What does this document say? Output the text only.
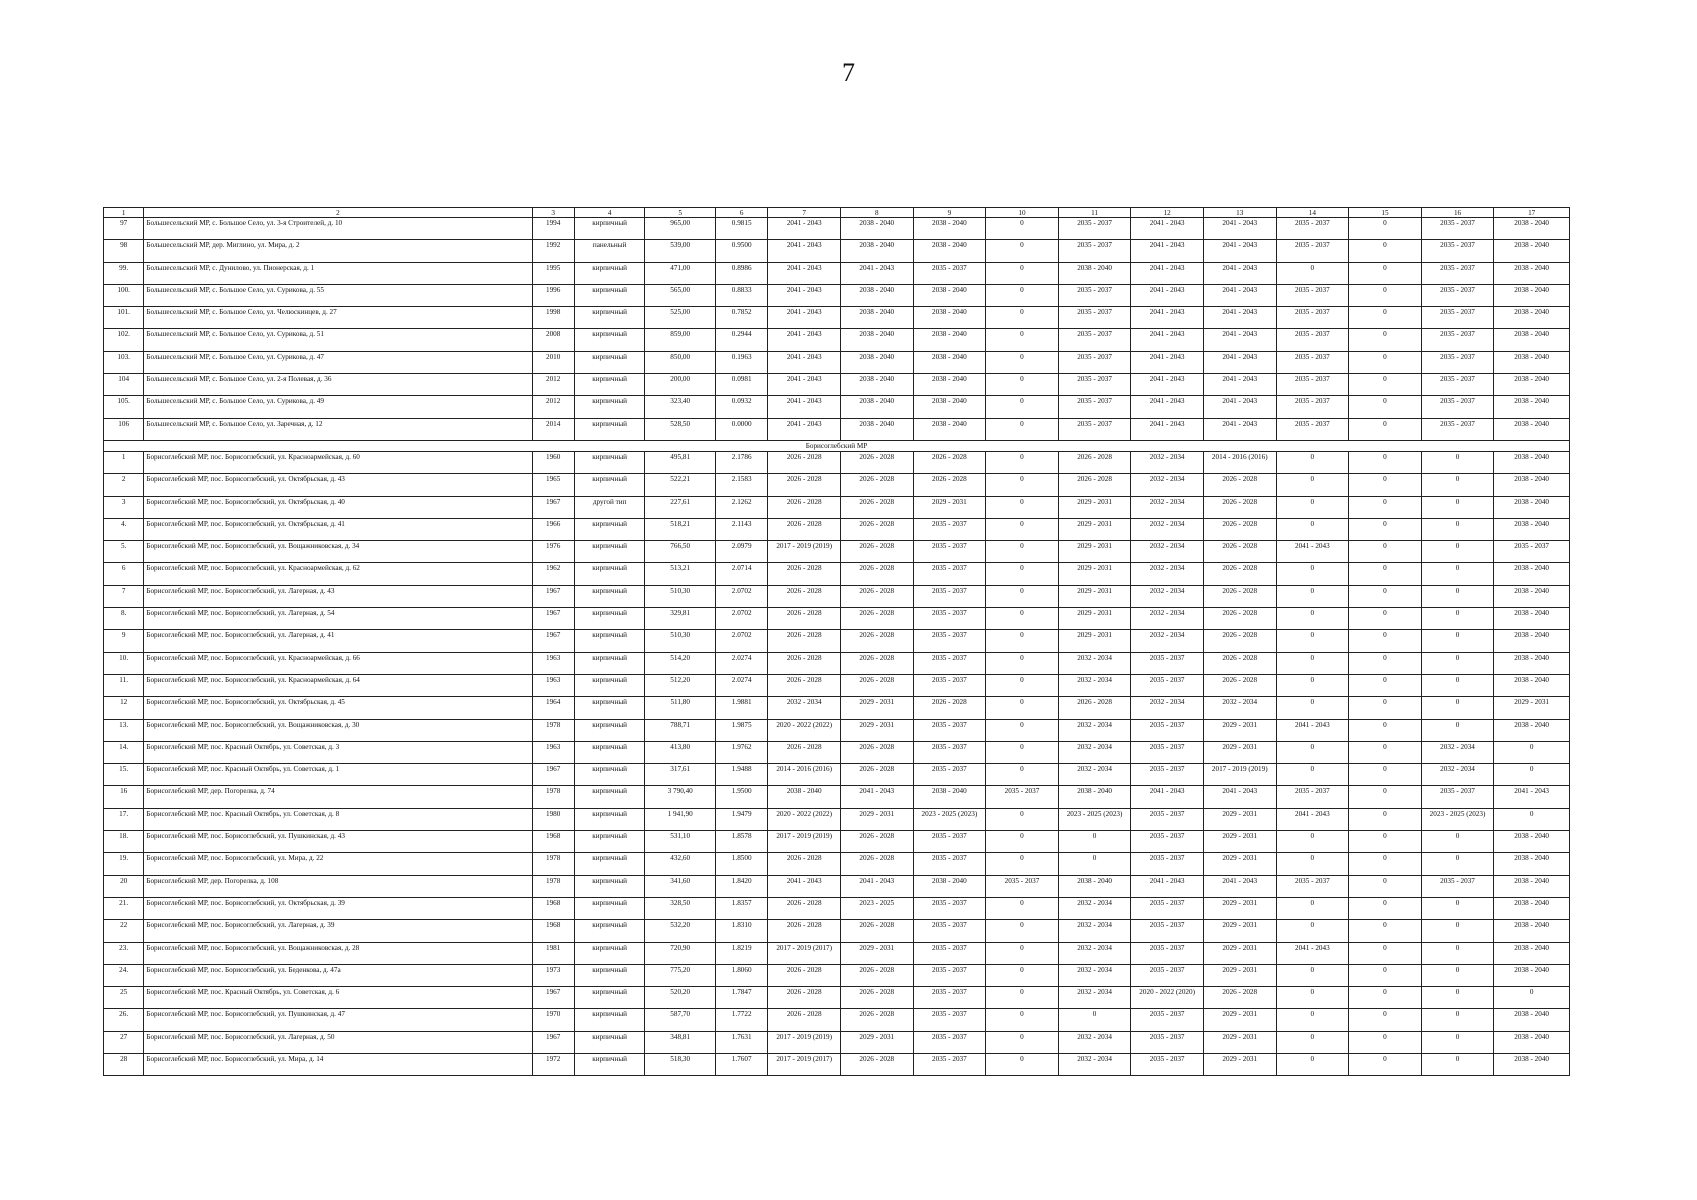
7
1	2	3	4	5	6	7	8	9	10	11	12	13	14	15	16	17
97	Большесельский МР, с. Большое Село, ул. 3-я Строителей, д. 10	1994	кирпичный	965,00	0.9815	2041 - 2043	2038 - 2040	2038 - 2040	0	2035 - 2037	2041 - 2043	2041 - 2043	2035 - 2037	0	2035 - 2037	2038 - 2040
98	Большесельский МР, дер. Миглино, ул. Мира, д. 2	1992	панельный	539,00	0.9500	2041 - 2043	2038 - 2040	2038 - 2040	0	2035 - 2037	2041 - 2043	2041 - 2043	2035 - 2037	0	2035 - 2037	2038 - 2040
99.	Большесельский МР, с. Дунилово, ул. Пионерская, д. 1	1995	кирпичный	471,00	0.8986	2041 - 2043	2041 - 2043	2035 - 2037	0	2038 - 2040	2041 - 2043	2041 - 2043	0	0	2035 - 2037	2038 - 2040
100.	Большесельский МР, с. Большое Село, ул. Сурикова, д. 55	1996	кирпичный	565,00	0.8833	2041 - 2043	2038 - 2040	2038 - 2040	0	2035 - 2037	2041 - 2043	2041 - 2043	2035 - 2037	0	2035 - 2037	2038 - 2040
101.	Большесельский МР, с. Большое Село, ул. Челюскинцев, д. 27	1998	кирпичный	525,00	0.7852	2041 - 2043	2038 - 2040	2038 - 2040	0	2035 - 2037	2041 - 2043	2041 - 2043	2035 - 2037	0	2035 - 2037	2038 - 2040
102.	Большесельский МР, с. Большое Село, ул. Сурикова, д. 51	2008	кирпичный	859,00	0.2944	2041 - 2043	2038 - 2040	2038 - 2040	0	2035 - 2037	2041 - 2043	2041 - 2043	2035 - 2037	0	2035 - 2037	2038 - 2040
103.	Большесельский МР, с. Большое Село, ул. Сурикова, д. 47	2010	кирпичный	850,00	0.1963	2041 - 2043	2038 - 2040	2038 - 2040	0	2035 - 2037	2041 - 2043	2041 - 2043	2035 - 2037	0	2035 - 2037	2038 - 2040
104	Большесельский МР, с. Большое Село, ул. 2-я Полевая, д. 36	2012	кирпичный	200,00	0.0981	2041 - 2043	2038 - 2040	2038 - 2040	0	2035 - 2037	2041 - 2043	2041 - 2043	2035 - 2037	0	2035 - 2037	2038 - 2040
105.	Большесельский МР, с. Большое Село, ул. Сурикова, д. 49	2012	кирпичный	323,40	0.0932	2041 - 2043	2038 - 2040	2038 - 2040	0	2035 - 2037	2041 - 2043	2041 - 2043	2035 - 2037	0	2035 - 2037	2038 - 2040
106	Большесельский МР, с. Большое Село, ул. Заречная, д. 12	2014	кирпичный	528,50	0.0000	2041 - 2043	2038 - 2040	2038 - 2040	0	2035 - 2037	2041 - 2043	2041 - 2043	2035 - 2037	0	2035 - 2037	2038 - 2040
Борисоглебский МР																
1	Борисоглебский МР, пос. Борисоглебский, ул. Красноармейская, д. 60	1960	кирпичный	495,81	2.1786	2026 - 2028	2026 - 2028	2026 - 2028	0	2026 - 2028	2032 - 2034	2014 - 2016 (2016)	0	0	0	2038 - 2040
2	Борисоглебский МР, пос. Борисоглебский, ул. Октябрьская, д. 43	1965	кирпичный	522,21	2.1583	2026 - 2028	2026 - 2028	2026 - 2028	0	2026 - 2028	2032 - 2034	2026 - 2028	0	0	0	2038 - 2040
3	Борисоглебский МР, пос. Борисоглебский, ул. Октябрьская, д. 40	1967	другой тип	227,61	2.1262	2026 - 2028	2026 - 2028	2029 - 2031	0	2029 - 2031	2032 - 2034	2026 - 2028	0	0	0	2038 - 2040
4.	Борисоглебский МР, пос. Борисоглебский, ул. Октябрьская, д. 41	1966	кирпичный	518,21	2.1143	2026 - 2028	2026 - 2028	2035 - 2037	0	2029 - 2031	2032 - 2034	2026 - 2028	0	0	0	2038 - 2040
5.	Борисоглебский МР, пос. Борисоглебский, ул. Вощажниковская, д. 34	1976	кирпичный	766,50	2.0979	2017 - 2019 (2019)	2026 - 2028	2035 - 2037	0	2029 - 2031	2032 - 2034	2026 - 2028	2041 - 2043	0	0	2035 - 2037
6	Борисоглебский МР, пос. Борисоглебский, ул. Красноармейская, д. 62	1962	кирпичный	513,21	2.0714	2026 - 2028	2026 - 2028	2035 - 2037	0	2029 - 2031	2032 - 2034	2026 - 2028	0	0	0	2038 - 2040
7	Борисоглебский МР, пос. Борисоглебский, ул. Лагерная, д. 43	1967	кирпичный	510,30	2.0702	2026 - 2028	2026 - 2028	2035 - 2037	0	2029 - 2031	2032 - 2034	2026 - 2028	0	0	0	2038 - 2040
8.	Борисоглебский МР, пос. Борисоглебский, ул. Лагерная, д. 54	1967	кирпичный	329,81	2.0702	2026 - 2028	2026 - 2028	2035 - 2037	0	2029 - 2031	2032 - 2034	2026 - 2028	0	0	0	2038 - 2040
9	Борисоглебский МР, пос. Борисоглебский, ул. Лагерная, д. 41	1967	кирпичный	510,30	2.0702	2026 - 2028	2026 - 2028	2035 - 2037	0	2029 - 2031	2032 - 2034	2026 - 2028	0	0	0	2038 - 2040
10.	Борисоглебский МР, пос. Борисоглебский, ул. Красноармейская, д. 66	1963	кирпичный	514,20	2.0274	2026 - 2028	2026 - 2028	2035 - 2037	0	2032 - 2034	2035 - 2037	2026 - 2028	0	0	0	2038 - 2040
11.	Борисоглебский МР, пос. Борисоглебский, ул. Красноармейская, д. 64	1963	кирпичный	512,20	2.0274	2026 - 2028	2026 - 2028	2035 - 2037	0	2032 - 2034	2035 - 2037	2026 - 2028	0	0	0	2038 - 2040
12	Борисоглебский МР, пос. Борисоглебский, ул. Октябрьская, д. 45	1964	кирпичный	511,80	1.9881	2032 - 2034	2029 - 2031	2026 - 2028	0	2026 - 2028	2032 - 2034	2032 - 2034	0	0	0	2029 - 2031
13.	Борисоглебский МР, пос. Борисоглебский, ул. Вощажниковская, д. 30	1978	кирпичный	788,71	1.9875	2020 - 2022 (2022)	2029 - 2031	2035 - 2037	0	2032 - 2034	2035 - 2037	2029 - 2031	2041 - 2043	0	0	2038 - 2040
14.	Борисоглебский МР, пос. Красный Октябрь, ул. Советская, д. 3	1963	кирпичный	413,80	1.9762	2026 - 2028	2026 - 2028	2035 - 2037	0	2032 - 2034	2035 - 2037	2029 - 2031	0	0	2032 - 2034	0
15.	Борисоглебский МР, пос. Красный Октябрь, ул. Советская, д. 1	1967	кирпичный	317,61	1.9488	2014 - 2016 (2016)	2026 - 2028	2035 - 2037	0	2032 - 2034	2035 - 2037	2017 - 2019 (2019)	0	0	2032 - 2034	0
16	Борисоглебский МР, дер. Погорелка, д. 74	1978	кирпичный	3 790,40	1.9500	2038 - 2040	2041 - 2043	2038 - 2040	2035 - 2037	2038 - 2040	2041 - 2043	2041 - 2043	2035 - 2037	0	2035 - 2037	2041 - 2043
17.	Борисоглебский МР, пос. Красный Октябрь, ул. Советская, д. 8	1980	кирпичный	1 941,90	1.9479	2020 - 2022 (2022)	2029 - 2031	2023 - 2025 (2023)	0	2023 - 2025 (2023)	2035 - 2037	2029 - 2031	2041 - 2043	0	2023 - 2025 (2023)	0
18.	Борисоглебский МР, пос. Борисоглебский, ул. Пушкинская, д. 43	1968	кирпичный	531,10	1.8578	2017 - 2019 (2019)	2026 - 2028	2035 - 2037	0	0	2035 - 2037	2029 - 2031	0	0	0	2038 - 2040
19.	Борисоглебский МР, пос. Борисоглебский, ул. Мира, д. 22	1978	кирпичный	432,60	1.8500	2026 - 2028	2026 - 2028	2035 - 2037	0	0	2035 - 2037	2029 - 2031	0	0	0	2038 - 2040
20	Борисоглебский МР, дер. Погорелка, д. 108	1978	кирпичный	341,60	1.8420	2041 - 2043	2041 - 2043	2038 - 2040	2035 - 2037	2038 - 2040	2041 - 2043	2041 - 2043	2035 - 2037	0	2035 - 2037	2038 - 2040
21.	Борисоглебский МР, пос. Борисоглебский, ул. Октябрьская, д. 39	1968	кирпичный	328,50	1.8357	2026 - 2028	2023 - 2025	2035 - 2037	0	2032 - 2034	2035 - 2037	2029 - 2031	0	0	0	2038 - 2040
22	Борисоглебский МР, пос. Борисоглебский, ул. Лагерная, д. 39	1968	кирпичный	532,20	1.8310	2026 - 2028	2026 - 2028	2035 - 2037	0	2032 - 2034	2035 - 2037	2029 - 2031	0	0	0	2038 - 2040
23.	Борисоглебский МР, пос. Борисоглебский, ул. Вощажниковская, д. 28	1981	кирпичный	720,90	1.8219	2017 - 2019 (2017)	2029 - 2031	2035 - 2037	0	2032 - 2034	2035 - 2037	2029 - 2031	2041 - 2043	0	0	2038 - 2040
24.	Борисоглебский МР, пос. Борисоглебский, ул. Беденкова, д. 47а	1973	кирпичный	775,20	1.8060	2026 - 2028	2026 - 2028	2035 - 2037	0	2032 - 2034	2035 - 2037	2029 - 2031	0	0	0	2038 - 2040
25	Борисоглебский МР, пос. Красный Октябрь, ул. Советская, д. 6	1967	кирпичный	520,20	1.7847	2026 - 2028	2026 - 2028	2035 - 2037	0	2032 - 2034	2020 - 2022 (2020)	2026 - 2028	0	0	0	0
26.	Борисоглебский МР, пос. Борисоглебский, ул. Пушкинская, д. 47	1970	кирпичный	587,70	1.7722	2026 - 2028	2026 - 2028	2035 - 2037	0	0	2035 - 2037	2029 - 2031	0	0	0	2038 - 2040
27	Борисоглебский МР, пос. Борисоглебский, ул. Лагерная, д. 50	1967	кирпичный	348,81	1.7631	2017 - 2019 (2019)	2029 - 2031	2035 - 2037	0	2032 - 2034	2035 - 2037	2029 - 2031	0	0	0	2038 - 2040
28	Борисоглебский МР, пос. Борисоглебский, ул. Мира, д. 14	1972	кирпичный	518,30	1.7607	2017 - 2019 (2017)	2026 - 2028	2035 - 2037	0	2032 - 2034	2035 - 2037	2029 - 2031	0	0	0	2038 - 2040
